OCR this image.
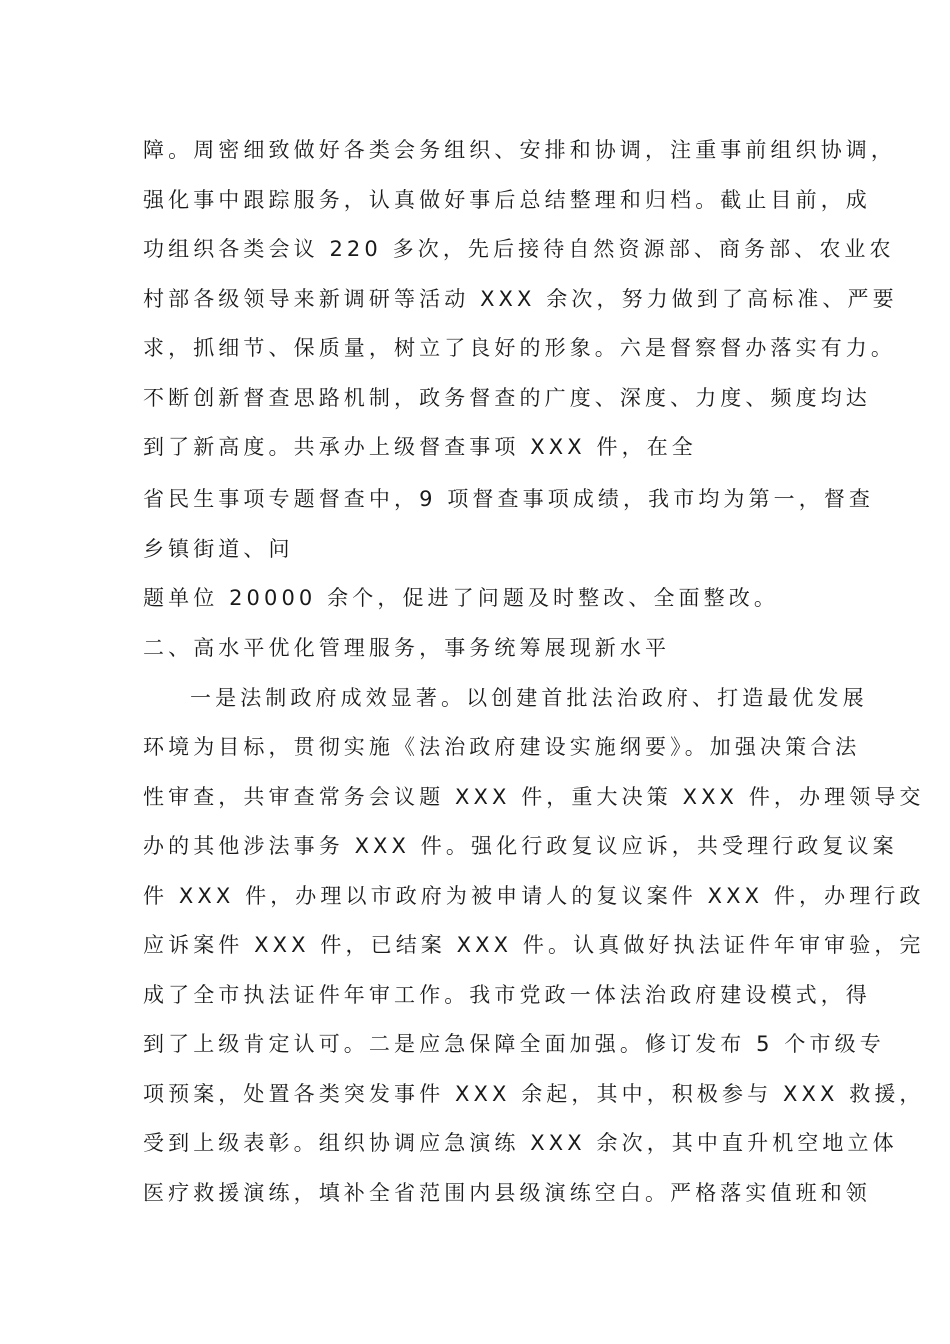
障。周密细致做好各类会务组织、安排和协调，注重事前组织协调，
强化事中跟踪服务，认真做好事后总结整理和归档。截止目前，成
功组织各类会议 220 多次，先后接待自然资源部、商务部、农业农
村部各级领导来新调研等活动 XXX 余次，努力做到了高标准、严要
求，抓细节、保质量，树立了良好的形象。六是督察督办落实有力。
不断创新督查思路机制，政务督查的广度、深度、力度、频度均达
到了新高度。共承办上级督查事项 XXX 件，在全
省民生事项专题督查中，9 项督查事项成绩，我市均为第一，督查
乡镇街道、问
题单位 20000 余个，促进了问题及时整改、全面整改。
二、高水平优化管理服务，事务统筹展现新水平
一是法制政府成效显著。以创建首批法治政府、打造最优发展
环境为目标，贯彻实施《法治政府建设实施纲要》。加强决策合法
性审查，共审查常务会议题 XXX 件，重大决策 XXX 件，办理领导交
办的其他涉法事务 XXX 件。强化行政复议应诉，共受理行政复议案
件 XXX 件，办理以市政府为被申请人的复议案件 XXX 件，办理行政
应诉案件 XXX 件，已结案 XXX 件。认真做好执法证件年审审验，完
成了全市执法证件年审工作。我市党政一体法治政府建设模式，得
到了上级肯定认可。二是应急保障全面加强。修订发布 5 个市级专
项预案，处置各类突发事件 XXX 余起，其中，积极参与 XXX 救援，
受到上级表彰。组织协调应急演练 XXX 余次，其中直升机空地立体
医疗救援演练，填补全省范围内县级演练空白。严格落实值班和领
